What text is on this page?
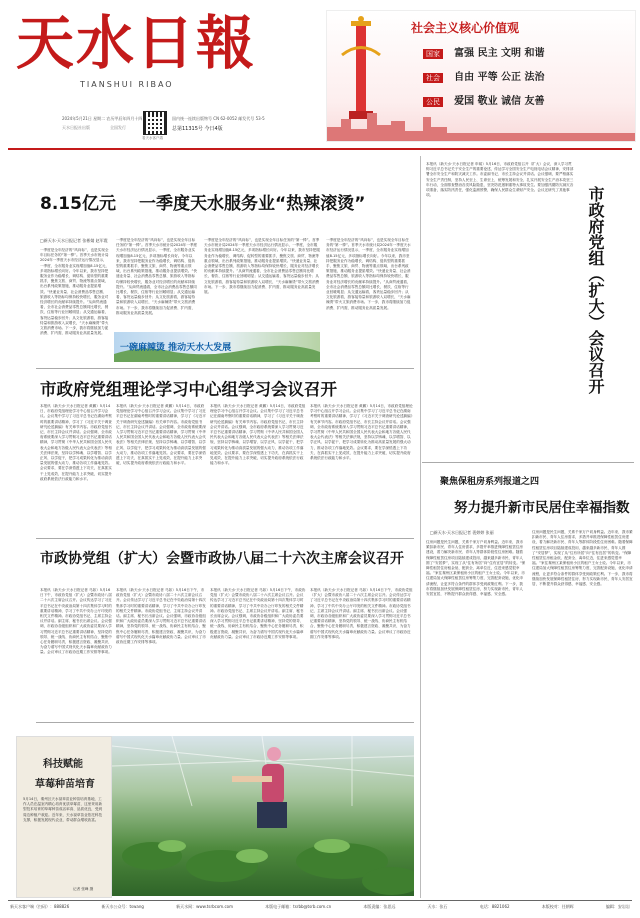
天水日報
TIANSHUI RIBAO
2024年5月21日 星期二 农历甲辰年四月十四
天水日报社出版	全国发行
看天水客户端
国内统一连续出版物号 CN 62-0052 邮发代号 53-5
总第11315号 今日4版
社会主义核心价值观
国家 富强 民主 文明 和谐
社会 自由 平等 公正 法治
公民 爱国 敬业 诚信 友善
8.15亿元 一季度天水服务业“热辣滚烫”
□新天水·天水日报记者 张彬婧 赵军霞
一季度是全年经济的“风向标”，也是实现全年目标任务的“第一棒”。首季天水市统计局2024年一季度天水市经济运行情况显示，一季度，全市服务业实现增加值8.15亿元，多项指标增长向好。今年以来，我市坚持把服务业作为稳增长、调结构、促转型的重要抓手，聚焦文旅、商贸、物流等重点领域，出台系列政策措施，推动服务业提质增效。“快递业务量、社会消费品零售总额、旅游收入等指标均保持较快增长，服务业对经济增长的贡献率持续提升。”从商贸流通看，全市社会消费品零售总额同比增长，餐饮、住宿等行业回暖明显；从交通运输看，客货运量稳步回升；从文化旅游看，游客接待量和旅游收入双增长，“天水麻辣烫”带火文旅消费市场。下一步，我市将继续加力促消费、扩内需，推动服务业高质量发展。
一季度是全年经济的“风向标”，也是实现全年目标任务的“第一棒”。首季天水市统计局2024年一季度天水市经济运行情况显示，一季度，全市服务业实现增加值8.15亿元，多项指标增长向好。今年以来，我市坚持把服务业作为稳增长、调结构、促转型的重要抓手，聚焦文旅、商贸、物流等重点领域，出台系列政策措施，推动服务业提质增效。“快递业务量、社会消费品零售总额、旅游收入等指标均保持较快增长，服务业对经济增长的贡献率持续提升。”从商贸流通看，全市社会消费品零售总额同比增长，餐饮、住宿等行业回暖明显；从交通运输看，客货运量稳步回升；从文化旅游看，游客接待量和旅游收入双增长，“天水麻辣烫”带火文旅消费市场。下一步，我市将继续加力促消费、扩内需，推动服务业高质量发展。
一季度是全年经济的“风向标”，也是实现全年目标任务的“第一棒”。首季天水市统计局2024年一季度天水市经济运行情况显示，一季度，全市服务业实现增加值8.15亿元，多项指标增长向好。今年以来，我市坚持把服务业作为稳增长、调结构、促转型的重要抓手，聚焦文旅、商贸、物流等重点领域，出台系列政策措施，推动服务业提质增效。“快递业务量、社会消费品零售总额、旅游收入等指标均保持较快增长，服务业对经济增长的贡献率持续提升。”从商贸流通看，全市社会消费品零售总额同比增长，餐饮、住宿等行业回暖明显；从交通运输看，客货运量稳步回升；从文化旅游看，游客接待量和旅游收入双增长，“天水麻辣烫”带火文旅消费市场。下一步，我市将继续加力促消费、扩内需，推动服务业高质量发展。
一季度是全年经济的“风向标”，也是实现全年目标任务的“第一棒”。首季天水市统计局2024年一季度天水市经济运行情况显示，一季度，全市服务业实现增加值8.15亿元，多项指标增长向好。今年以来，我市坚持把服务业作为稳增长、调结构、促转型的重要抓手，聚焦文旅、商贸、物流等重点领域，出台系列政策措施，推动服务业提质增效。“快递业务量、社会消费品零售总额、旅游收入等指标均保持较快增长，服务业对经济增长的贡献率持续提升。”从商贸流通看，全市社会消费品零售总额同比增长，餐饮、住宿等行业回暖明显；从交通运输看，客货运量稳步回升；从文化旅游看，游客接待量和旅游收入双增长，“天水麻辣烫”带火文旅消费市场。下一步，我市将继续加力促消费、扩内需，推动服务业高质量发展。
一碗麻辣烫 推动天水大发展
市政府党组理论学习中心组学习会议召开
本报讯（新天水·天水日报记者 黄鹏）5月14日，市政府党组理论学习中心组召开学习会议。会议集中学习了习近平总书记在湖南考察时的重要讲话精神，学习了《习近平关于调查研究论述摘编》有关章节内容。市政府党组书记、市长主持会议并讲话。会议强调，全市政府系统要深入学习贯彻习近平总书记重要讲话精神，学习贯彻《中华人民共和国全国人民代表大会和地方各级人民代表大会代表法》等相关法律法规，坚持以学铸魂、以学增智、以学正风、以学促干，把学习成果转化为推动高质量发展的强大动力，推动各项工作落地见效。会议要求，要在学深悟透上下功夫，在真抓实干上见成效，在提升能力上求突破，切实提升政府系统依法行政能力和水平。
本报讯（新天水·天水日报记者 黄鹏）5月14日，市政府党组理论学习中心组召开学习会议。会议集中学习了习近平总书记在湖南考察时的重要讲话精神，学习了《习近平关于调查研究论述摘编》有关章节内容。市政府党组书记、市长主持会议并讲话。会议强调，全市政府系统要深入学习贯彻习近平总书记重要讲话精神，学习贯彻《中华人民共和国全国人民代表大会和地方各级人民代表大会代表法》等相关法律法规，坚持以学铸魂、以学增智、以学正风、以学促干，把学习成果转化为推动高质量发展的强大动力，推动各项工作落地见效。会议要求，要在学深悟透上下功夫，在真抓实干上见成效，在提升能力上求突破，切实提升政府系统依法行政能力和水平。
本报讯（新天水·天水日报记者 黄鹏）5月14日，市政府党组理论学习中心组召开学习会议。会议集中学习了习近平总书记在湖南考察时的重要讲话精神，学习了《习近平关于调查研究论述摘编》有关章节内容。市政府党组书记、市长主持会议并讲话。会议强调，全市政府系统要深入学习贯彻习近平总书记重要讲话精神，学习贯彻《中华人民共和国全国人民代表大会和地方各级人民代表大会代表法》等相关法律法规，坚持以学铸魂、以学增智、以学正风、以学促干，把学习成果转化为推动高质量发展的强大动力，推动各项工作落地见效。会议要求，要在学深悟透上下功夫，在真抓实干上见成效，在提升能力上求突破，切实提升政府系统依法行政能力和水平。
本报讯（新天水·天水日报记者 黄鹏）5月14日，市政府党组理论学习中心组召开学习会议。会议集中学习了习近平总书记在湖南考察时的重要讲话精神，学习了《习近平关于调查研究论述摘编》有关章节内容。市政府党组书记、市长主持会议并讲话。会议强调，全市政府系统要深入学习贯彻习近平总书记重要讲话精神，学习贯彻《中华人民共和国全国人民代表大会和地方各级人民代表大会代表法》等相关法律法规，坚持以学铸魂、以学增智、以学正风、以学促干，把学习成果转化为推动高质量发展的强大动力，推动各项工作落地见效。会议要求，要在学深悟透上下功夫，在真抓实干上见成效，在提升能力上求突破，切实提升政府系统依法行政能力和水平。
市政协党组（扩大）会暨市政协八届二十六次主席会议召开
本报讯（新天水·天水日报记者 马如）5月16日下午，市政协党组（扩大）会暨市政协八届二十六次主席会议召开。会议传达学习了习近平总书记在中央政治局第十四次集体学习时的重要讲话精神，学习了中共中央办公厅印发的相关文件精神。市政协党组书记、主席主持会议并讲话。副主席、秘书长出席会议。会议强调，市政协各级组织和广大政协委员要深入学习贯彻习近平总书记重要讲话精神，坚持党的领导、统一战线、协商民主有机结合，聚焦中心任务履职尽责，积极建言资政、凝聚共识，为奋力谱写中国式现代化天水篇章贡献政协力量。会议审议了市政协近期工作安排等事项。
本报讯（新天水·天水日报记者 马如）5月16日下午，市政协党组（扩大）会暨市政协八届二十六次主席会议召开。会议传达学习了习近平总书记在中央政治局第十四次集体学习时的重要讲话精神，学习了中共中央办公厅印发的相关文件精神。市政协党组书记、主席主持会议并讲话。副主席、秘书长出席会议。会议强调，市政协各级组织和广大政协委员要深入学习贯彻习近平总书记重要讲话精神，坚持党的领导、统一战线、协商民主有机结合，聚焦中心任务履职尽责，积极建言资政、凝聚共识，为奋力谱写中国式现代化天水篇章贡献政协力量。会议审议了市政协近期工作安排等事项。
本报讯（新天水·天水日报记者 马如）5月16日下午，市政协党组（扩大）会暨市政协八届二十六次主席会议召开。会议传达学习了习近平总书记在中央政治局第十四次集体学习时的重要讲话精神，学习了中共中央办公厅印发的相关文件精神。市政协党组书记、主席主持会议并讲话。副主席、秘书长出席会议。会议强调，市政协各级组织和广大政协委员要深入学习贯彻习近平总书记重要讲话精神，坚持党的领导、统一战线、协商民主有机结合，聚焦中心任务履职尽责，积极建言资政、凝聚共识，为奋力谱写中国式现代化天水篇章贡献政协力量。会议审议了市政协近期工作安排等事项。
本报讯（新天水·天水日报记者 马如）5月16日下午，市政协党组（扩大）会暨市政协八届二十六次主席会议召开。会议传达学习了习近平总书记在中央政治局第十四次集体学习时的重要讲话精神，学习了中共中央办公厅印发的相关文件精神。市政协党组书记、主席主持会议并讲话。副主席、秘书长出席会议。会议强调，市政协各级组织和广大政协委员要深入学习贯彻习近平总书记重要讲话精神，坚持党的领导、统一战线、协商民主有机结合，聚焦中心任务履职尽责，积极建言资政、凝聚共识，为奋力谱写中国式现代化天水篇章贡献政协力量。会议审议了市政协近期工作安排等事项。
科技赋能
草莓种苗培育
5月14日，秦州区天水禄草苗业种苗培育基地，工作人员在温室内精心培育优质草莓苗，这里采用新型技术培育的草莓种苗成活率高、品质优良，受到周边种植户欢迎。近年来，天水禄草苗业依托科技支撑，积极发展现代农业，带动群众增收致富。
记者 张峰 摄
市政府党组（扩大）会议召开
本报讯（新天水·天水日报记者 申闻）5月16日，市政府党组召开（扩大）会议，深入学习贯彻习近平总书记关于安全生产的重要论述，传达学习全国安全生产电视电话会议精神，安排部署全市安全生产和防灾减灾工作。市委副书记、市长主持会议并讲话。会议强调，要严格落实安全生产责任制，坚持人民至上、生命至上，统筹发展和安全，扎实开展安全生产治本攻坚三年行动，全面排查整治各类风险隐患，坚决防范遏制重特大事故发生。要加强汛期防灾减灾各项准备，落实防汛责任，强化监测预警，确保人民群众生命财产安全。会议还研究了其他事项。
聚焦保租房系列报道之四
努力提升新市民居住幸福指数
□新天水·天水日报记者 裴婷婷 张丽
住房问题是民生问题，关系千家万户切身利益。近年来，我市紧扣新市民、青年人住房需求，多措并举推进保障性租赁住房建设，着力解决新市民、青年人等群体阶段性住房困难。随着保障性租赁住房项目陆续建成投用，越来越多新市民、青年人圆了“安居梦”，实现了从“住有所居”向“住有宜居”的转变。“保障性租赁住房租金低、配套全、离单位近，住进来感觉很幸福。”家住秦州区某保租房小区的租户王女士说。今年以来，市住建局加大保障性租赁住房筹集力度，完善配套设施，优化申请流程，让更多符合条件的群体享受到政策红利。下一步，我市将继续加快发展保障性租赁住房，努力实现新市民、青年人安居宜居，不断提升群众获得感、幸福感、安全感。
住房问题是民生问题，关系千家万户切身利益。近年来，我市紧扣新市民、青年人住房需求，多措并举推进保障性租赁住房建设，着力解决新市民、青年人等群体阶段性住房困难。随着保障性租赁住房项目陆续建成投用，越来越多新市民、青年人圆了“安居梦”，实现了从“住有所居”向“住有宜居”的转变。“保障性租赁住房租金低、配套全、离单位近，住进来感觉很幸福。”家住秦州区某保租房小区的租户王女士说。今年以来，市住建局加大保障性租赁住房筹集力度，完善配套设施，优化申请流程，让更多符合条件的群体享受到政策红利。下一步，我市将继续加快发展保障性租赁住房，努力实现新市民、青年人安居宜居，不断提升群众获得感、幸福感、安全感。
新天水客户端（扫码）：888826	新天水公众号：tswang	新天水网：www.tsrbcom.com	本版电子邮箱：tsrbb@tsrb.com.cn	本版责编：张思远	天水：张石	电话：8821062	本版校对：任朝晖	编辑：安岩岩
